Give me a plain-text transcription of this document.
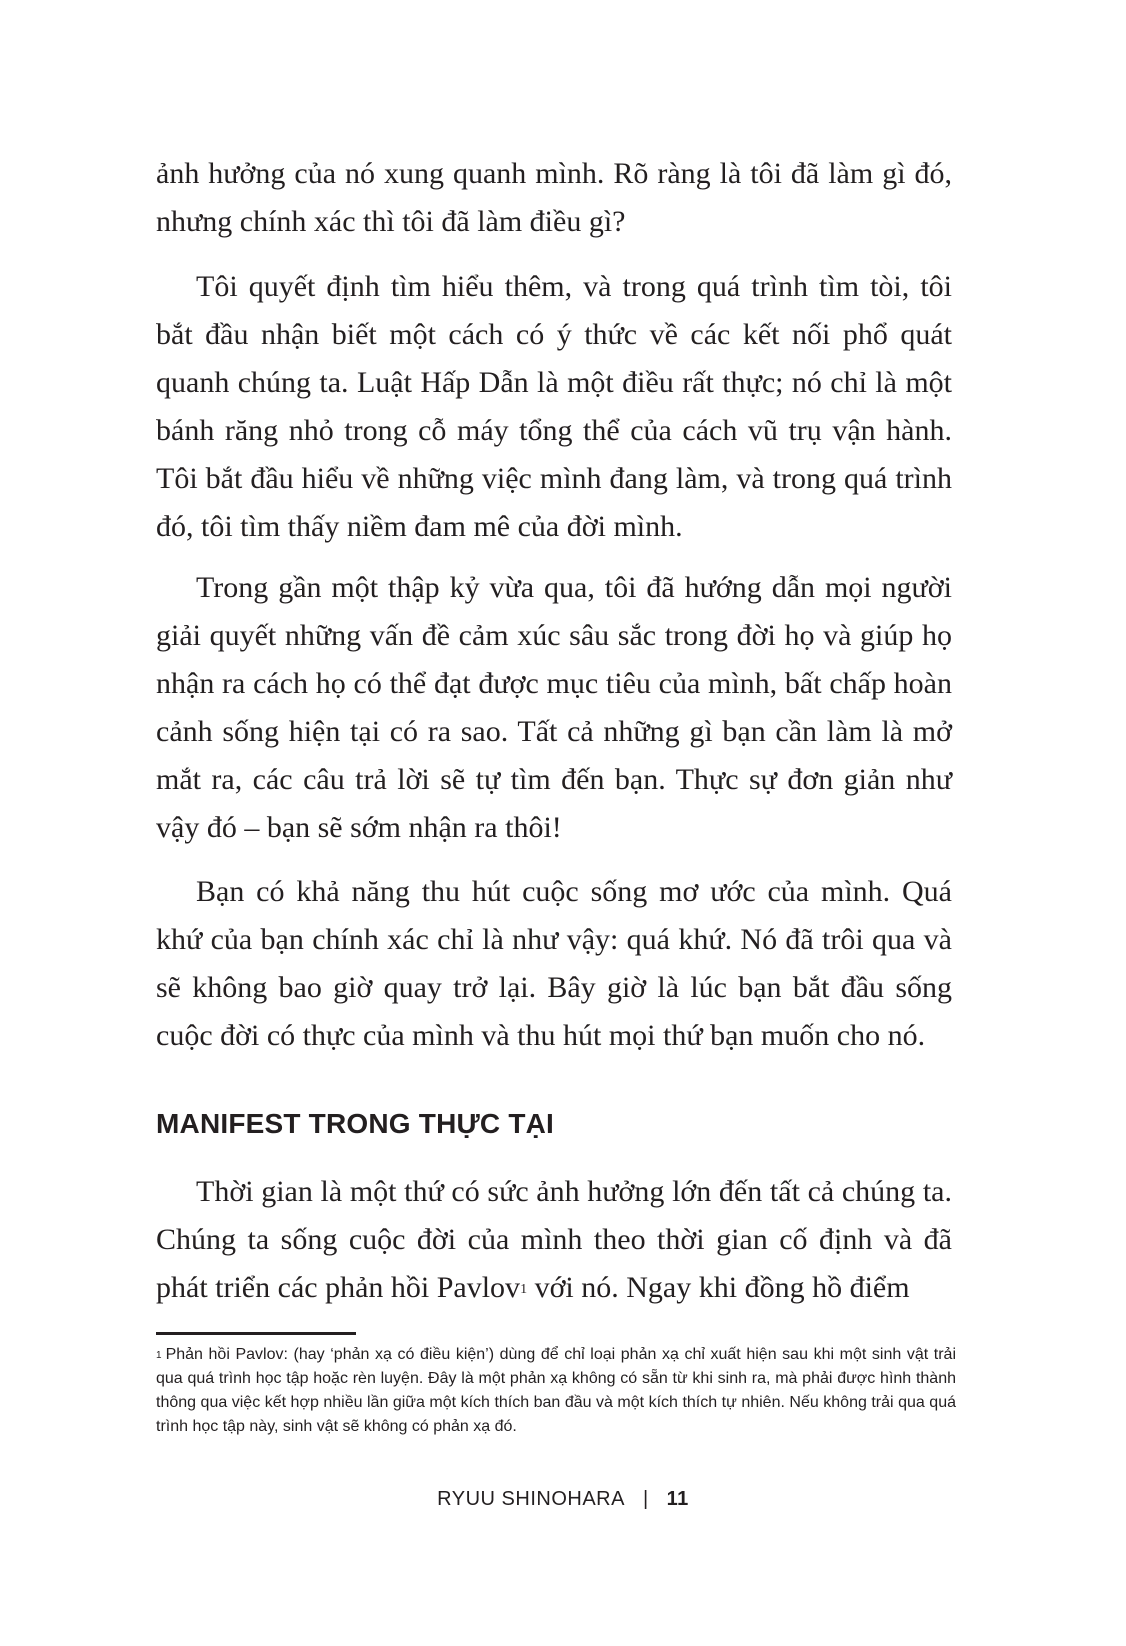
ảnh hưởng của nó xung quanh mình. Rõ ràng là tôi đã làm gì đó, nhưng chính xác thì tôi đã làm điều gì?

Tôi quyết định tìm hiểu thêm, và trong quá trình tìm tòi, tôi bắt đầu nhận biết một cách có ý thức về các kết nối phổ quát quanh chúng ta. Luật Hấp Dẫn là một điều rất thực; nó chỉ là một bánh răng nhỏ trong cỗ máy tổng thể của cách vũ trụ vận hành. Tôi bắt đầu hiểu về những việc mình đang làm, và trong quá trình đó, tôi tìm thấy niềm đam mê của đời mình.

Trong gần một thập kỷ vừa qua, tôi đã hướng dẫn mọi người giải quyết những vấn đề cảm xúc sâu sắc trong đời họ và giúp họ nhận ra cách họ có thể đạt được mục tiêu của mình, bất chấp hoàn cảnh sống hiện tại có ra sao. Tất cả những gì bạn cần làm là mở mắt ra, các câu trả lời sẽ tự tìm đến bạn. Thực sự đơn giản như vậy đó – bạn sẽ sớm nhận ra thôi!

Bạn có khả năng thu hút cuộc sống mơ ước của mình. Quá khứ của bạn chính xác chỉ là như vậy: quá khứ. Nó đã trôi qua và sẽ không bao giờ quay trở lại. Bây giờ là lúc bạn bắt đầu sống cuộc đời có thực của mình và thu hút mọi thứ bạn muốn cho nó.

MANIFEST TRONG THỰC TẠI

Thời gian là một thứ có sức ảnh hưởng lớn đến tất cả chúng ta. Chúng ta sống cuộc đời của mình theo thời gian cố định và đã phát triển các phản hồi Pavlov$^1$ với nó. Ngay khi đồng hồ điểm

$^1$ Phản hồi Pavlov: (hay ‘phản xạ có điều kiện’) dùng để chỉ loại phản xạ chỉ xuất hiện sau khi một sinh vật trải qua quá trình học tập hoặc rèn luyện. Đây là một phản xạ không có sẵn từ khi sinh ra, mà phải được hình thành thông qua việc kết hợp nhiều lần giữa một kích thích ban đầu và một kích thích tự nhiên. Nếu không trải qua quá trình học tập này, sinh vật sẽ không có phản xạ đó.

RYUU SHINOHARA | 11
